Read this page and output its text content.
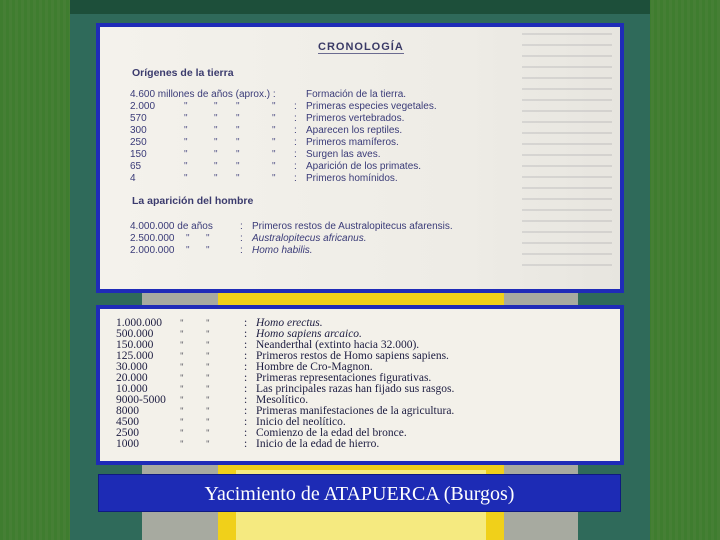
CRONOLOGÍA
Orígenes de la tierra
4.600 millones de años (aprox.) :	Formación de la tierra.
2.000	"	" "	" : Primeras especies vegetales.
570	"	" "	" : Primeros vertebrados.
300	"	" "	" : Aparecen los reptiles.
250	"	" "	" : Primeros mamíferos.
150	"	" "	" : Surgen las aves.
65	"	" "	" : Aparición de los primates.
4	"	" "	" : Primeros homínidos.
La aparición del hombre
4.000.000 de años	: Primeros restos de Australopitecus afarensis.
2.500.000 " "	: Australopitecus africanus.
2.000.000 " "	: Homo habilis.
1.000.000 " "	: Homo erectus.
500.000	" "	: Homo sapiens arcaico.
150.000	" "	: Neanderthal (extinto hacia 32.000).
125.000	" "	: Primeros restos de Homo sapiens sapiens.
30.000	" "	: Hombre de Cro-Magnon.
20.000	" "	: Primeras representaciones figurativas.
10.000	" "	: Las principales razas han fijado sus rasgos.
9000-5000 " "	: Mesolítico.
8000	" "	: Primeras manifestaciones de la agricultura.
4500	" "	: Inicio del neolítico.
2500	" "	: Comienzo de la edad del bronce.
1000	" "	: Inicio de la edad de hierro.
Yacimiento de ATAPUERCA (Burgos)
